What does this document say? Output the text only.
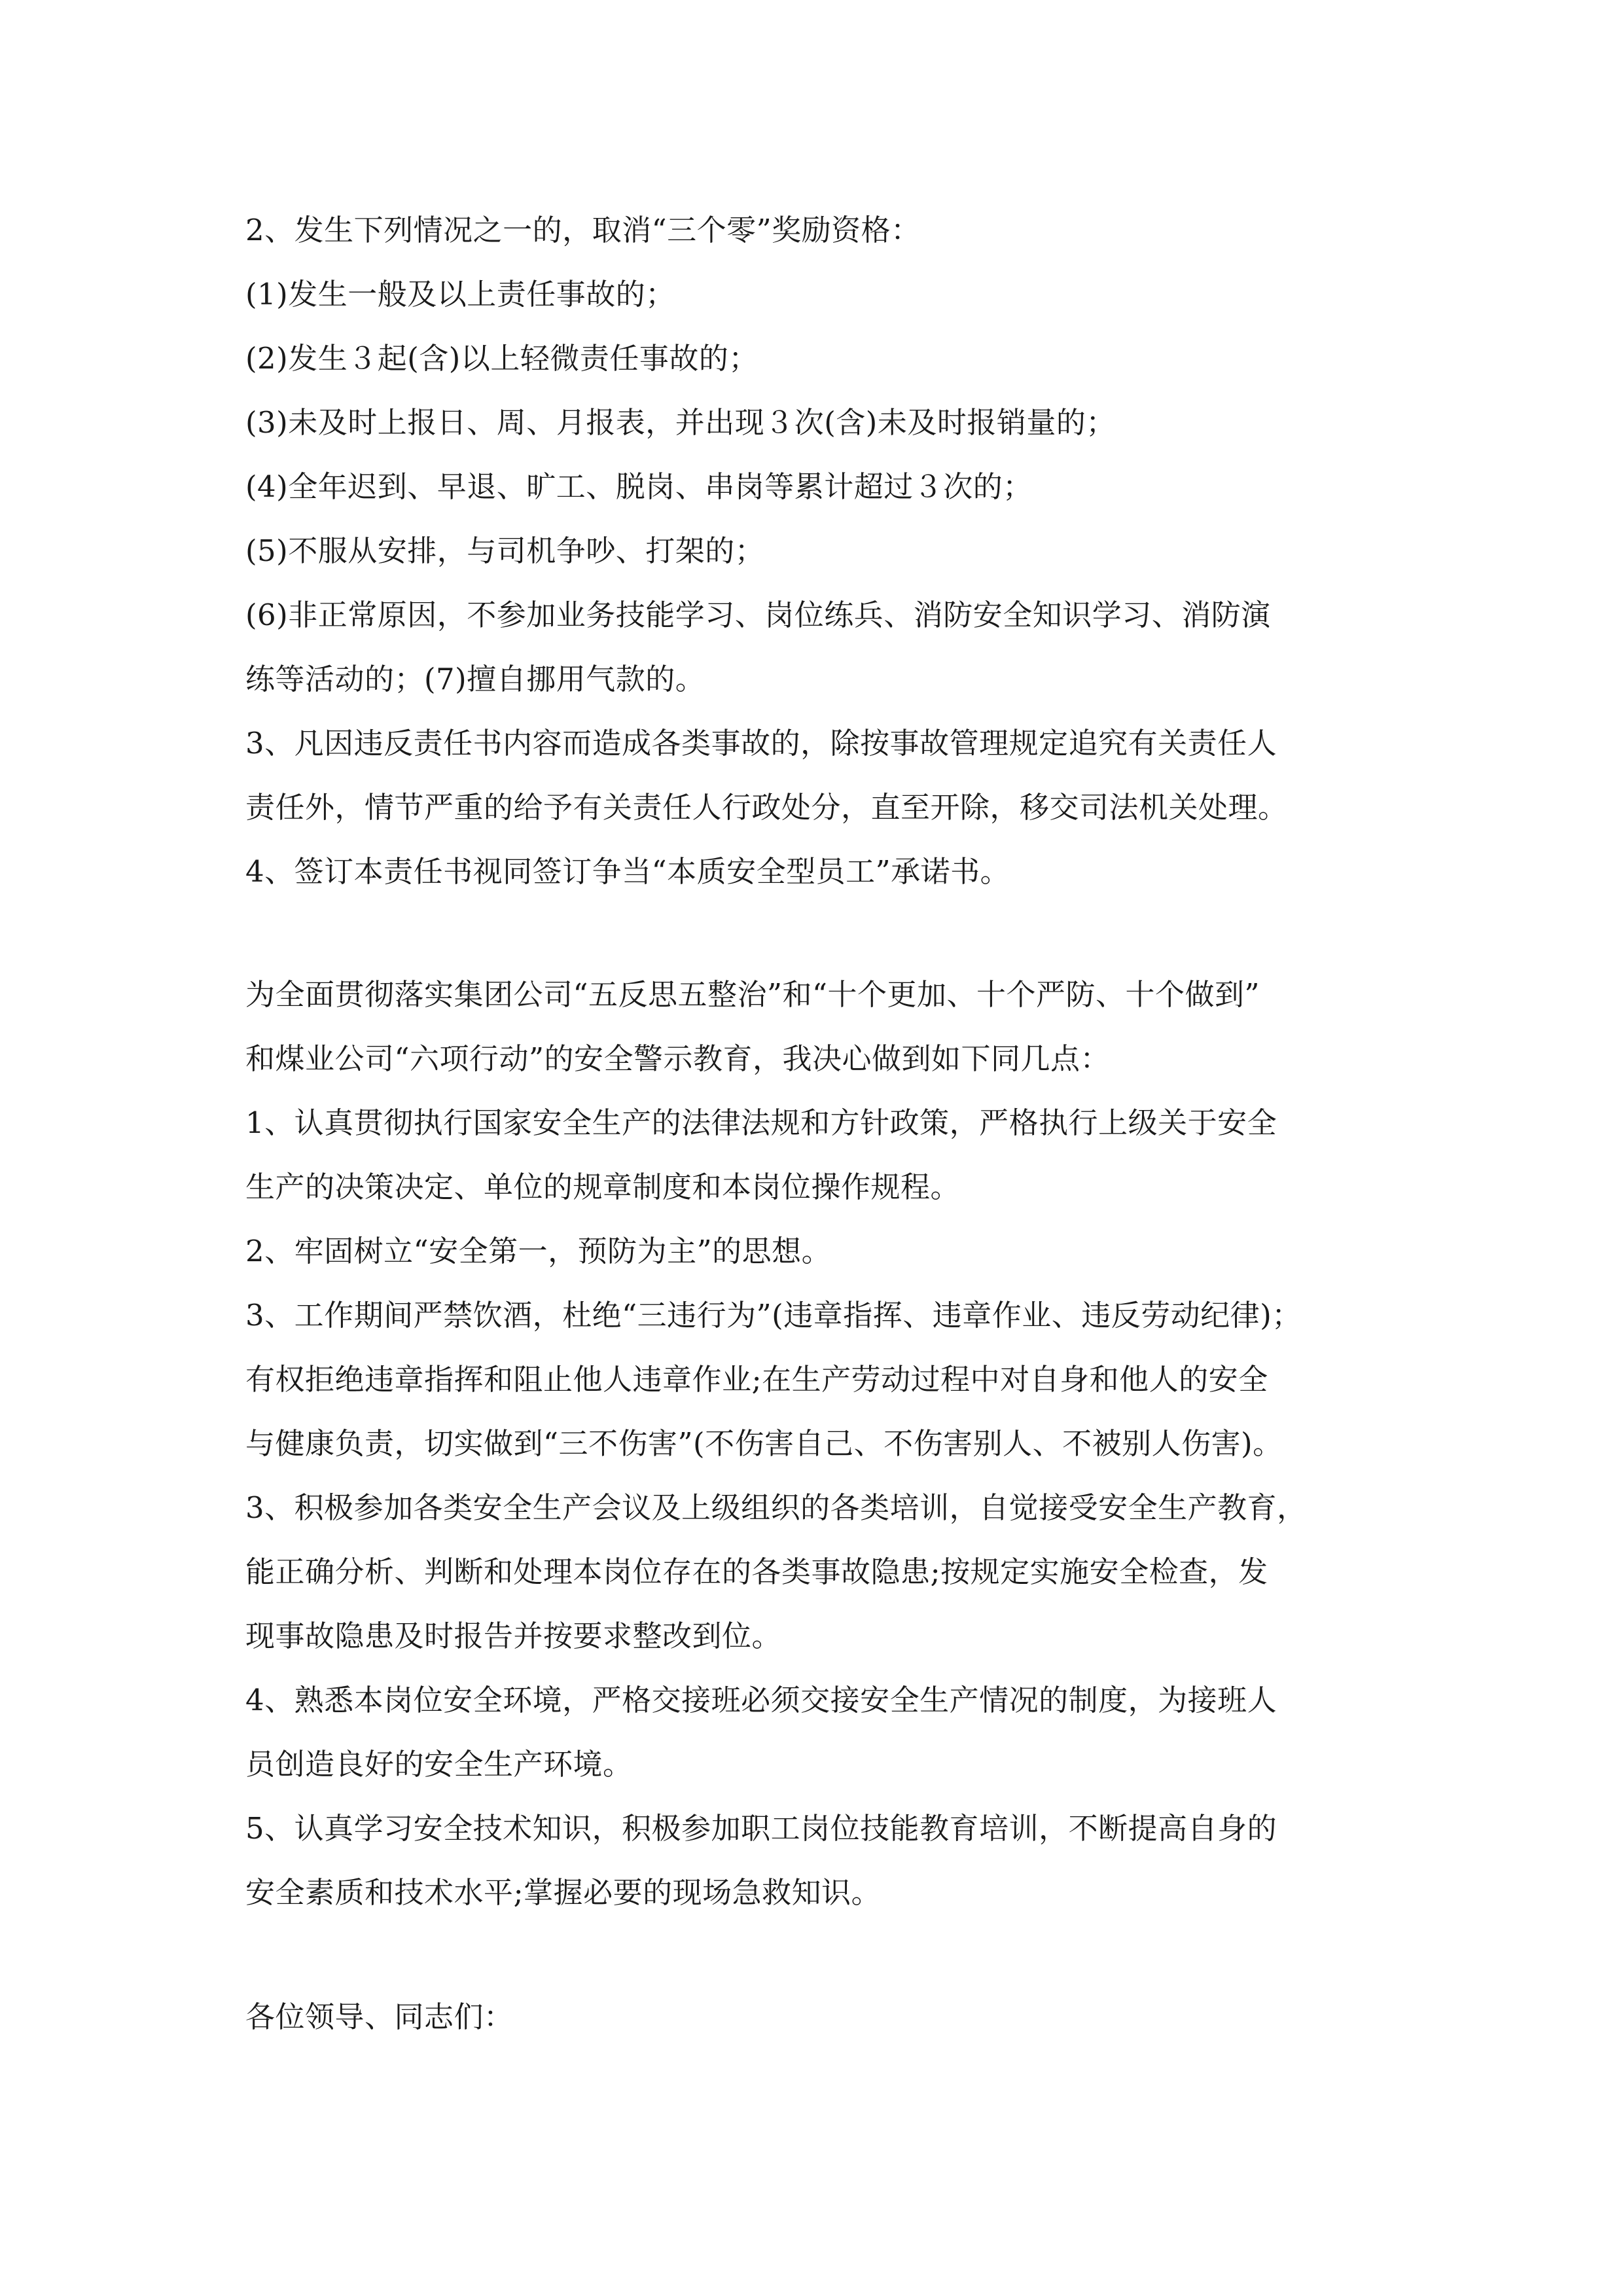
2、发生下列情况之一的，取消“三个零”奖励资格：
(1)发生一般及以上责任事故的；
(2)发生３起(含)以上轻微责任事故的；
(3)未及时上报日、周、月报表，并出现３次(含)未及时报销量的；
(4)全年迟到、早退、旷工、脱岗、串岗等累计超过３次的；
(5)不服从安排，与司机争吵、打架的；
(6)非正常原因，不参加业务技能学习、岗位练兵、消防安全知识学习、消防演
练等活动的；(7)擅自挪用气款的。
3、凡因违反责任书内容而造成各类事故的，除按事故管理规定追究有关责任人
责任外，情节严重的给予有关责任人行政处分，直至开除，移交司法机关处理。
4、签订本责任书视同签订争当“本质安全型员工”承诺书。
为全面贯彻落实集团公司“五反思五整治”和“十个更加、十个严防、十个做到”
和煤业公司“六项行动”的安全警示教育，我决心做到如下同几点：
1、认真贯彻执行国家安全生产的法律法规和方针政策，严格执行上级关于安全
生产的决策决定、单位的规章制度和本岗位操作规程。
2、牢固树立“安全第一，预防为主”的思想。
3、工作期间严禁饮酒，杜绝“三违行为”(违章指挥、违章作业、违反劳动纪律)；
有权拒绝违章指挥和阻止他人违章作业;在生产劳动过程中对自身和他人的安全
与健康负责，切实做到“三不伤害”(不伤害自己、不伤害别人、不被别人伤害)。
3、积极参加各类安全生产会议及上级组织的各类培训，自觉接受安全生产教育，
能正确分析、判断和处理本岗位存在的各类事故隐患;按规定实施安全检查，发
现事故隐患及时报告并按要求整改到位。
4、熟悉本岗位安全环境，严格交接班必须交接安全生产情况的制度，为接班人
员创造良好的安全生产环境。
5、认真学习安全技术知识，积极参加职工岗位技能教育培训，不断提高自身的
安全素质和技术水平;掌握必要的现场急救知识。
各位领导、同志们：
